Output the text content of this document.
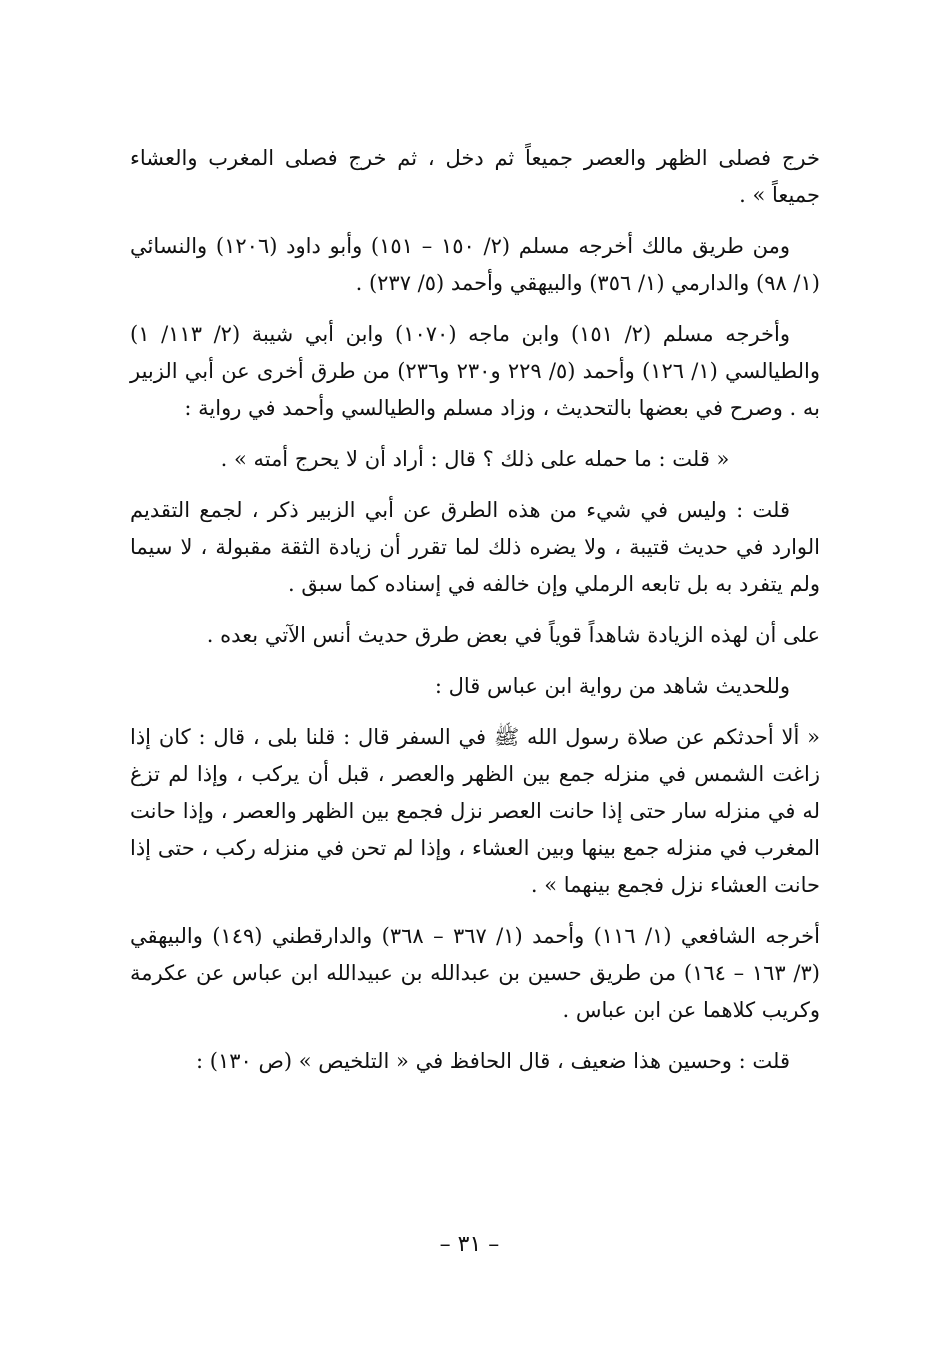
خرج فصلى الظهر والعصر جميعاً ثم دخل ، ثم خرج فصلى المغرب والعشاء جميعاً » .

ومن طريق مالك أخرجه مسلم (٢/ ١٥٠ – ١٥١) وأبو داود (١٢٠٦) والنسائي (١/ ٩٨) والدارمي (١/ ٣٥٦) والبيهقي وأحمد (٥/ ٢٣٧) .

وأخرجه مسلم (٢/ ١٥١) وابن ماجه (١٠٧٠) وابن أبي شيبة (٢/ ١١٣/ ١) والطيالسي (١/ ١٢٦) وأحمد (٥/ ٢٢٩ و٢٣٠ و٢٣٦) من طرق أخرى عن أبي الزبير به . وصرح في بعضها بالتحديث ، وزاد مسلم والطيالسي وأحمد في رواية :

« قلت : ما حمله على ذلك ؟ قال : أراد أن لا يحرج أمته » .

قلت : وليس في شيء من هذه الطرق عن أبي الزبير ذكر ، لجمع التقديم الوارد في حديث قتيبة ، ولا يضره ذلك لما تقرر أن زيادة الثقة مقبولة ، لا سيما ولم يتفرد به بل تابعه الرملي وإن خالفه في إسناده كما سبق .

على أن لهذه الزيادة شاهداً قوياً في بعض طرق حديث أنس الآتي بعده .

وللحديث شاهد من رواية ابن عباس قال :

« ألا أحدثكم عن صلاة رسول الله ﷺ في السفر قال : قلنا بلى ، قال : كان إذا زاغت الشمس في منزله جمع بين الظهر والعصر ، قبل أن يركب ، وإذا لم تزغ له في منزله سار حتى إذا حانت العصر نزل فجمع بين الظهر والعصر ، وإذا حانت المغرب في منزله جمع بينها وبين العشاء ، وإذا لم تحن في منزله ركب ، حتى إذا حانت العشاء نزل فجمع بينهما » .

أخرجه الشافعي (١/ ١١٦) وأحمد (١/ ٣٦٧ – ٣٦٨) والدارقطني (١٤٩) والبيهقي (٣/ ١٦٣ – ١٦٤) من طريق حسين بن عبدالله بن عبيدالله ابن عباس عن عكرمة وكريب كلاهما عن ابن عباس .

قلت : وحسين هذا ضعيف ، قال الحافظ في « التلخيص » (ص ١٣٠) :

– ٣١ –
